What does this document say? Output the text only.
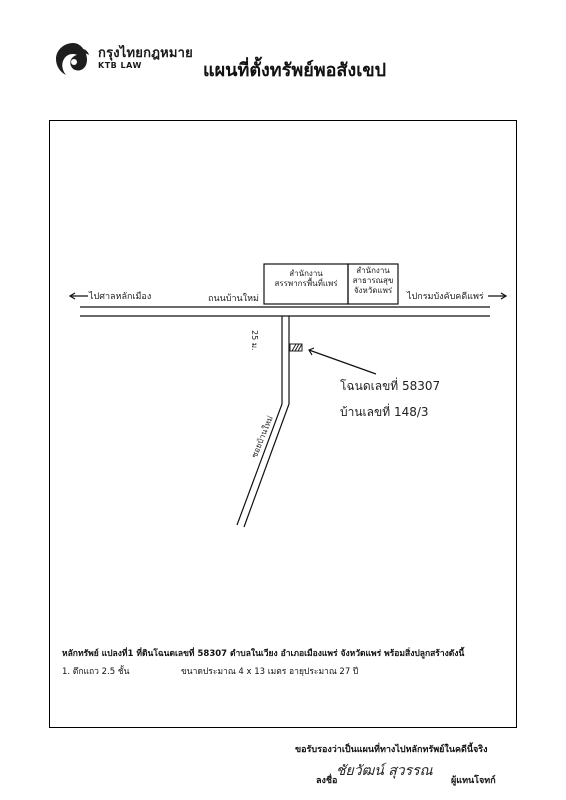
กรุงไทยกฎหมาย
KTB LAW	แผนที่ตั้งทรัพย์พอสังเขป
ไปศาลหลักเมือง	ถนนบ้านใหม่	ไปกรมบังคับคดีแพร่
สำนักงาน
สรรพากรพื้นที่แพร่
สำนักงาน
สาธารณสุข
จังหวัดแพร่
25 ม.
ซอยบ้านใหม่
โฉนดเลขที่ 58307
บ้านเลขที่ 148/3
หลักทรัพย์ แปลงที่1 ที่ดินโฉนดเลขที่ 58307 ตำบลในเวียง อำเภอเมืองแพร่ จังหวัดแพร่ พร้อมสิ่งปลูกสร้างดังนี้
1. ตึกแถว 2.5 ชั้น	ขนาดประมาณ 4 x 13 เมตร อายุประมาณ 27 ปี
ขอรับรองว่าเป็นแผนที่ทางไปหลักทรัพย์ในคดีนี้จริง
ลงชื่อ
ชัยวัฒน์ สุวรรณ
ผู้แทนโจทก์
